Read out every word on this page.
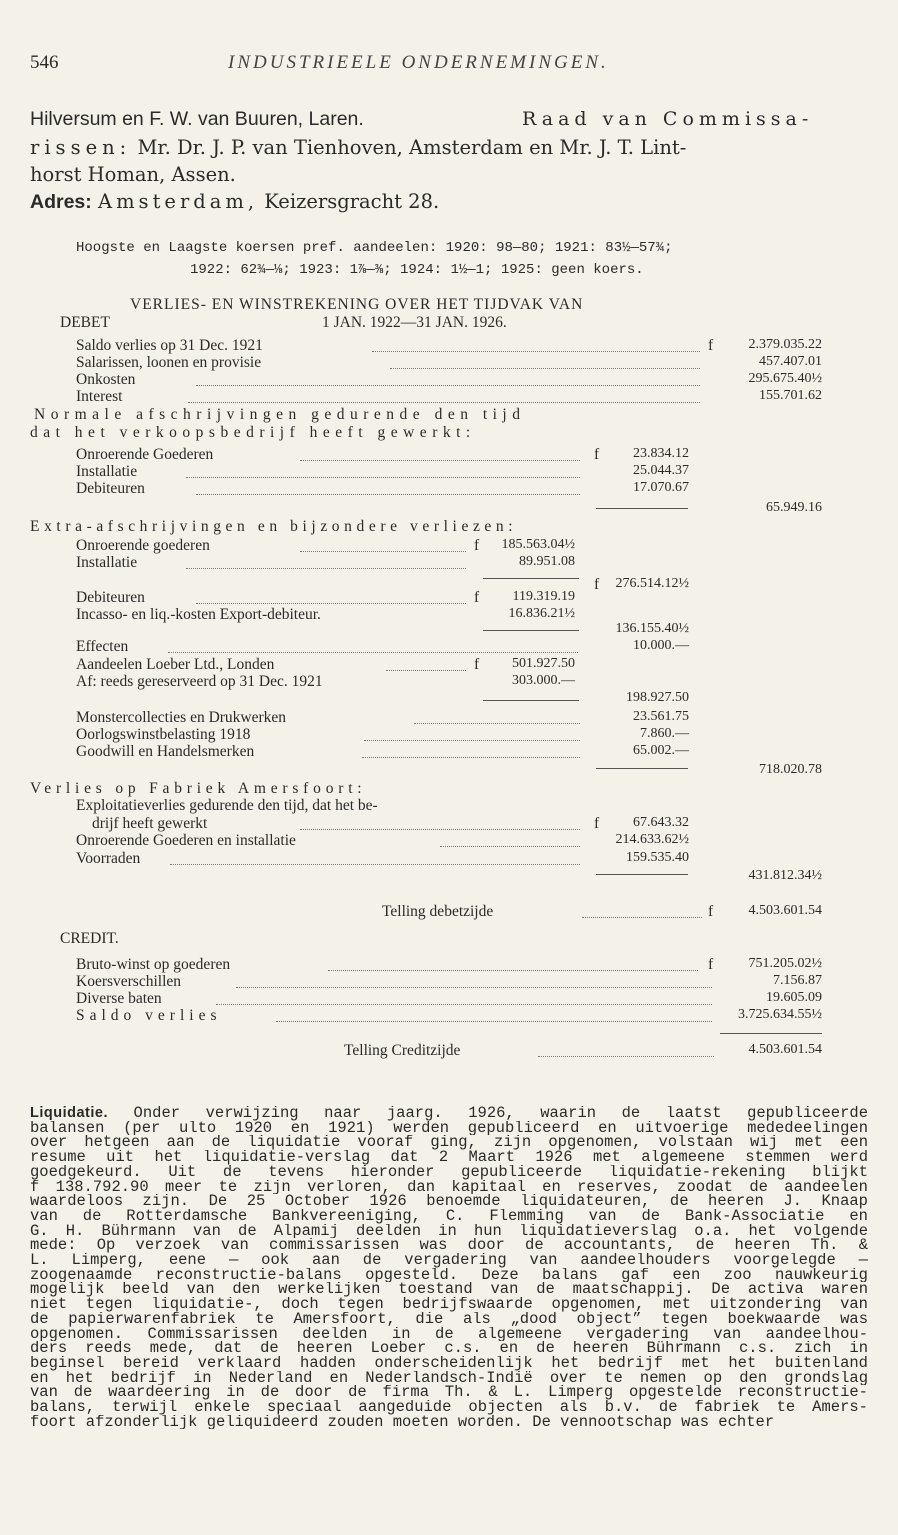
546	INDUSTRIEELE ONDERNEMINGEN.
Hilversum en F. W. van Buuren, Laren.	Raad van Commissa-
rissen: Mr. Dr. J. P. van Tienhoven, Amsterdam en Mr. J. T. Lint-
horst Homan, Assen.
Adres: Amsterdam, Keizersgracht 28.
Hoogste en Laagste koersen pref. aandeelen: 1920: 98—80; 1921: 83½—57¾;
1922: 62¾—⅛; 1923: 1⅞—⅜; 1924: 1½—1; 1925: geen koers.
VERLIES- EN WINSTREKENING OVER HET TIJDVAK VAN
DEBET	1 JAN. 1922—31 JAN. 1926.
Saldo verlies op 31 Dec. 1921	f	2.379.035.22
Salarissen, loonen en provisie	457.407.01
Onkosten	295.675.40½
Interest	155.701.62
Normale afschrijvingen gedurende den tijd
dat het verkoopsbedrijf heeft gewerkt:
Onroerende Goederen	f	23.834.12
Installatie	25.044.37
Debiteuren	17.070.67
65.949.16
Extra-afschrijvingen en bijzondere verliezen:
Onroerende goederen	f	185.563.04½
Installatie	89.951.08
f	276.514.12½
Debiteuren	f	119.319.19
Incasso- en liq.-kosten Export-debiteur.	16.836.21½
136.155.40½
Effecten	10.000.—
Aandeelen Loeber Ltd., Londen	f	501.927.50
Af: reeds gereserveerd op 31 Dec. 1921	303.000.—
198.927.50
Monstercollecties en Drukwerken	23.561.75
Oorlogswinstbelasting 1918	7.860.—
Goodwill en Handelsmerken	65.002.—
718.020.78
Verlies op Fabriek Amersfoort:
Exploitatieverlies gedurende den tijd, dat het be-
drijf heeft gewerkt	f	67.643.32
Onroerende Goederen en installatie	214.633.62½
Voorraden	159.535.40
431.812.34½
Telling debetzijde	f	4.503.601.54
CREDIT.
Bruto-winst op goederen	f	751.205.02½
Koersverschillen	7.156.87
Diverse baten	19.605.09
Saldo verlies	3.725.634.55½
Telling Creditzijde	4.503.601.54
Liquidatie. Onder verwijzing naar jaarg. 1926, waarin de laatst gepubliceerde
balansen (per ulto 1920 en 1921) werden gepubliceerd en uitvoerige mededeelingen
over hetgeen aan de liquidatie vooraf ging, zijn opgenomen, volstaan wij met een
resume uit het liquidatie-verslag dat 2 Maart 1926 met algemeene stemmen werd
goedgekeurd. Uit de tevens hieronder gepubliceerde liquidatie-rekening blijkt
f 138.792.90 meer te zijn verloren, dan kapitaal en reserves, zoodat de aandeelen
waardeloos zijn. De 25 October 1926 benoemde liquidateuren, de heeren J. Knaap
van de Rotterdamsche Bankvereeniging, C. Flemming van de Bank-Associatie en
G. H. Bührmann van de Alpamij deelden in hun liquidatieverslag o.a. het volgende
mede: Op verzoek van commissarissen was door de accountants, de heeren Th. &
L. Limperg, eene — ook aan de vergadering van aandeelhouders voorgelegde —
zoogenaamde reconstructie-balans opgesteld. Deze balans gaf een zoo nauwkeurig
mogelijk beeld van den werkelijken toestand van de maatschappij. De activa waren
niet tegen liquidatie-, doch tegen bedrijfswaarde opgenomen, met uitzondering van
de papierwarenfabriek te Amersfoort, die als „dood object” tegen boekwaarde was
opgenomen. Commissarissen deelden in de algemeene vergadering van aandeelhou-
ders reeds mede, dat de heeren Loeber c.s. en de heeren Bührmann c.s. zich in
beginsel bereid verklaard hadden onderscheidenlijk het bedrijf met het buitenland
en het bedrijf in Nederland en Nederlandsch-Indië over te nemen op den grondslag
van de waardeering in de door de firma Th. & L. Limperg opgestelde reconstructie-
balans, terwijl enkele speciaal aangeduide objecten als b.v. de fabriek te Amers-
foort afzonderlijk geliquideerd zouden moeten worden. De vennootschap was echter
